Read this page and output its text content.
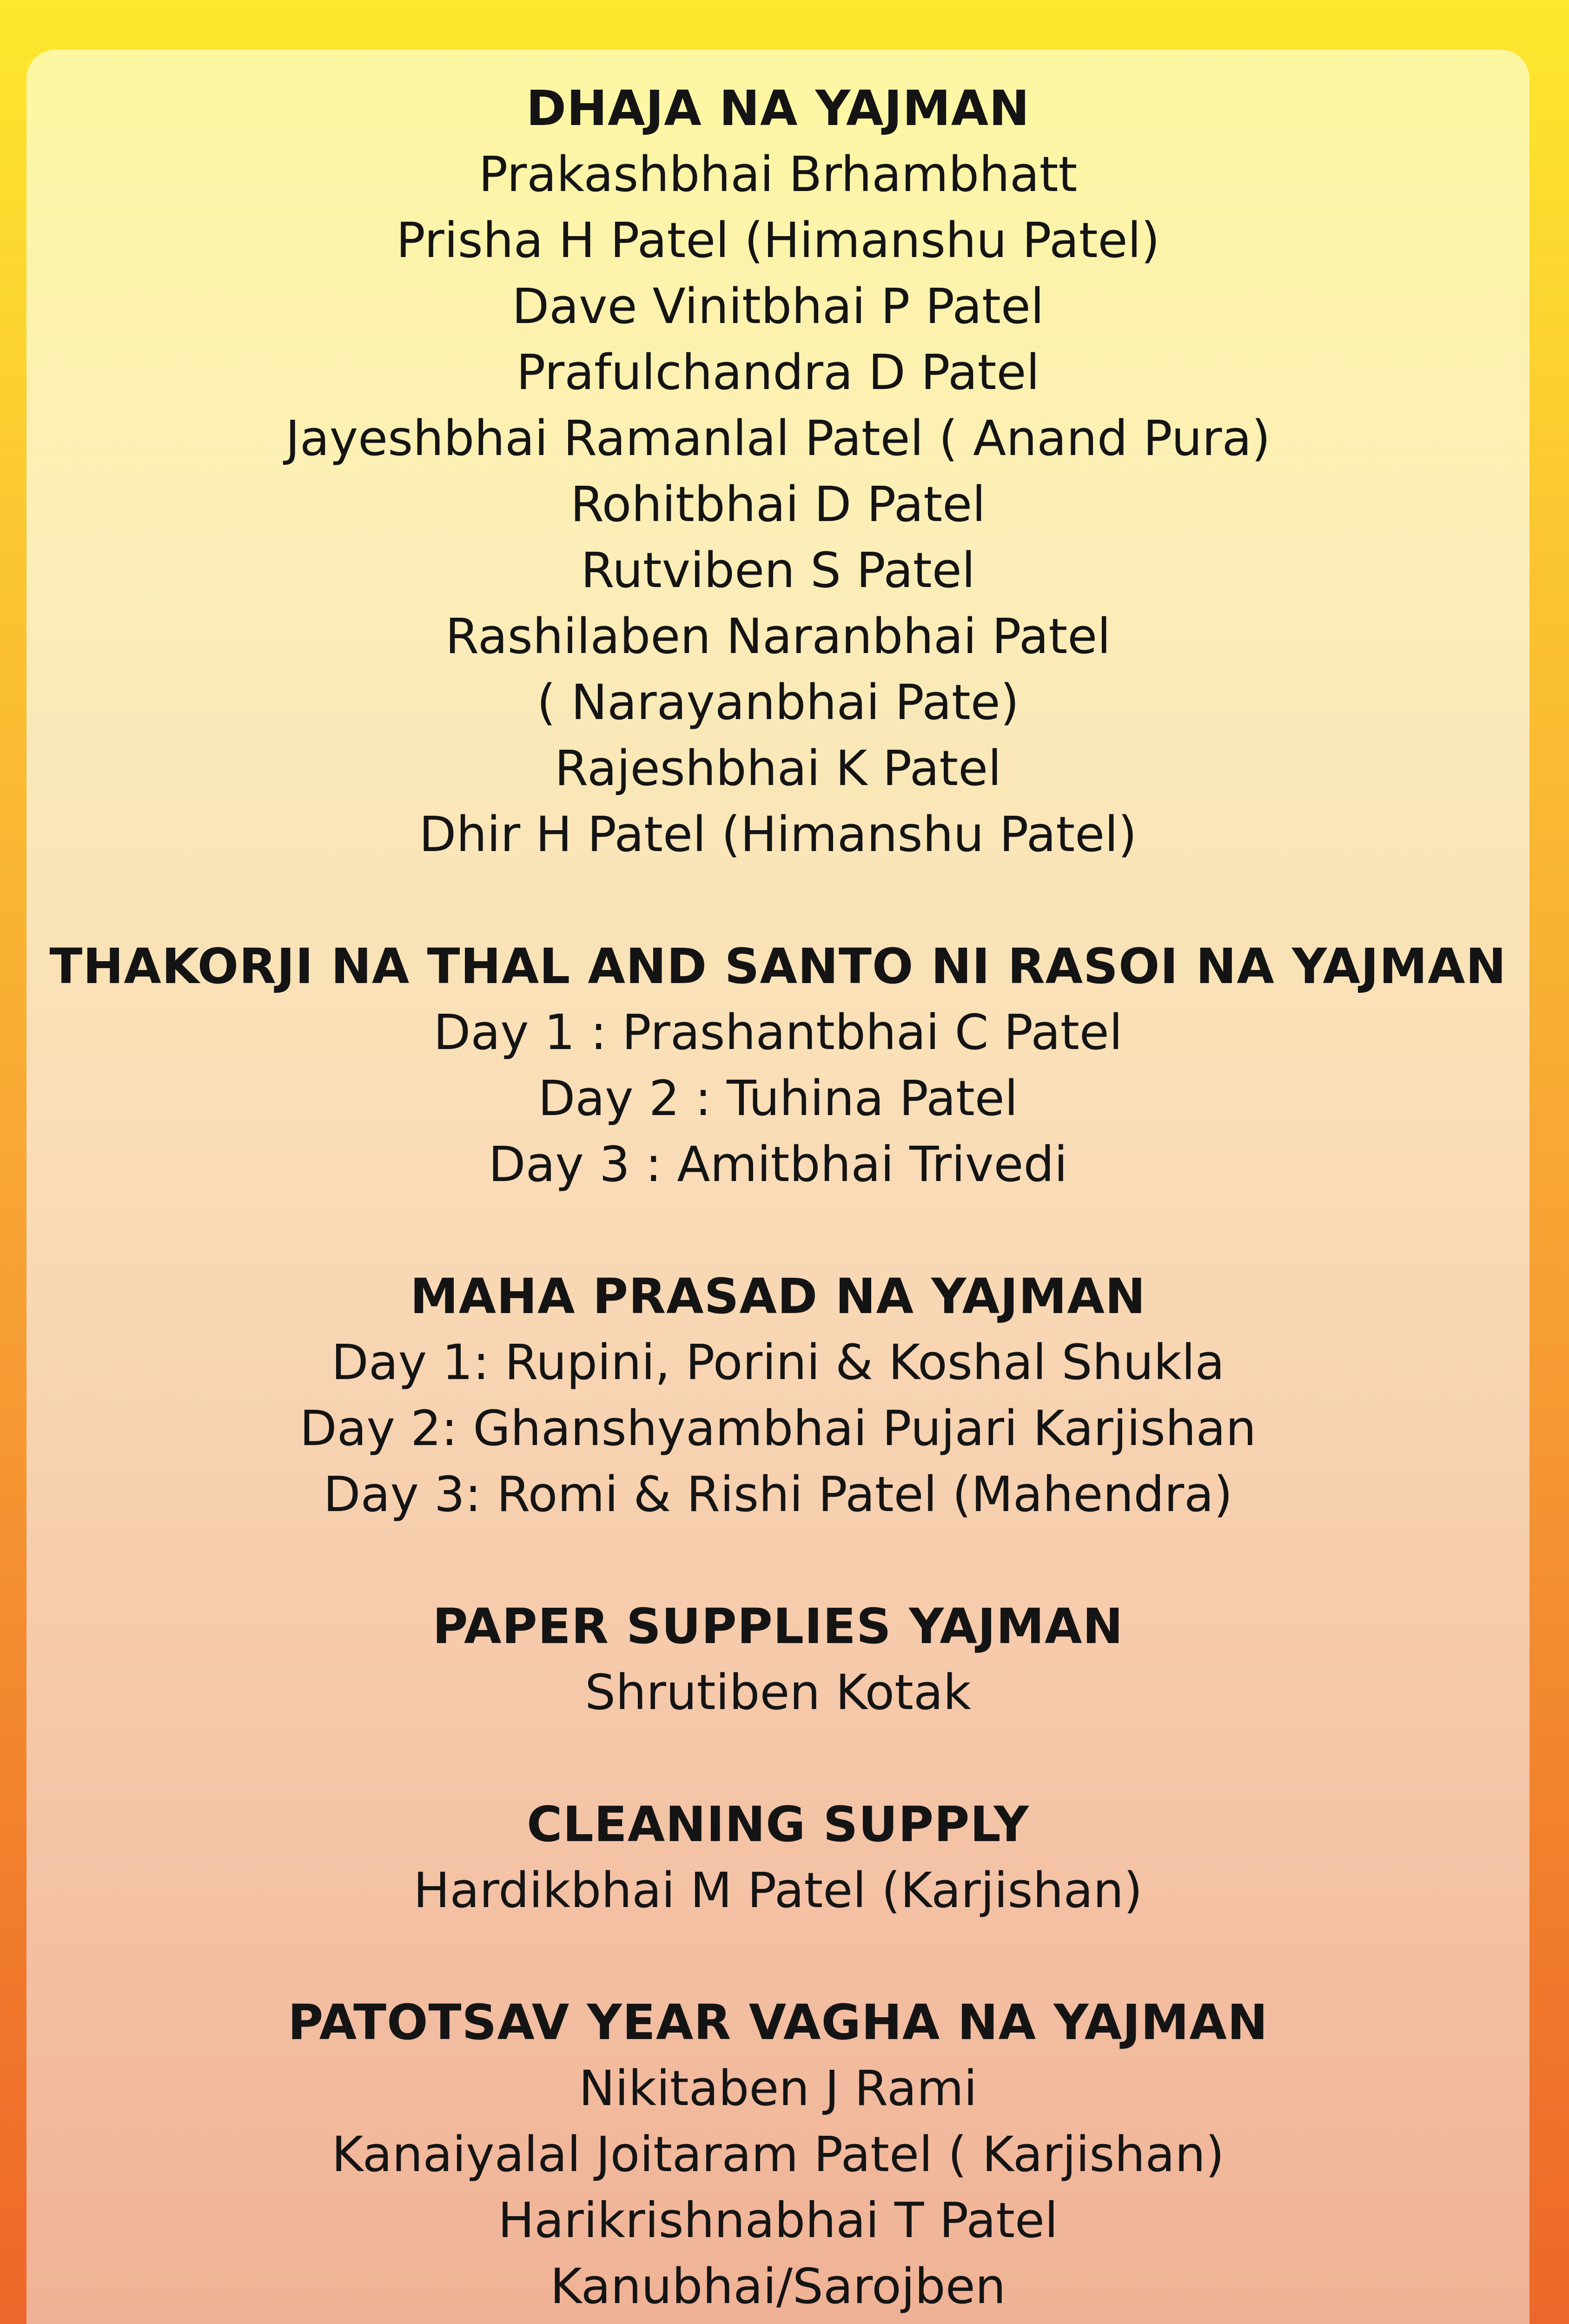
DHAJA NA YAJMAN
Prakashbhai Brhambhatt
Prisha H Patel (Himanshu Patel)
Dave Vinitbhai P Patel
Prafulchandra D Patel
Jayeshbhai Ramanlal Patel ( Anand Pura)
Rohitbhai D Patel
Rutviben S Patel
Rashilaben Naranbhai Patel
( Narayanbhai Pate)
Rajeshbhai K Patel
Dhir H Patel (Himanshu Patel)
THAKORJI NA THAL AND SANTO NI RASOI NA YAJMAN
Day 1 : Prashantbhai C Patel
Day 2 : Tuhina Patel
Day 3 : Amitbhai Trivedi
MAHA PRASAD NA YAJMAN
Day 1: Rupini, Porini & Koshal Shukla
Day 2: Ghanshyambhai Pujari Karjishan
Day 3: Romi & Rishi Patel (Mahendra)
PAPER SUPPLIES YAJMAN
Shrutiben Kotak
CLEANING SUPPLY
Hardikbhai M Patel (Karjishan)
PATOTSAV YEAR VAGHA NA YAJMAN
Nikitaben J Rami
Kanaiyalal Joitaram Patel ( Karjishan)
Harikrishnabhai T Patel
Kanubhai/Sarojben
